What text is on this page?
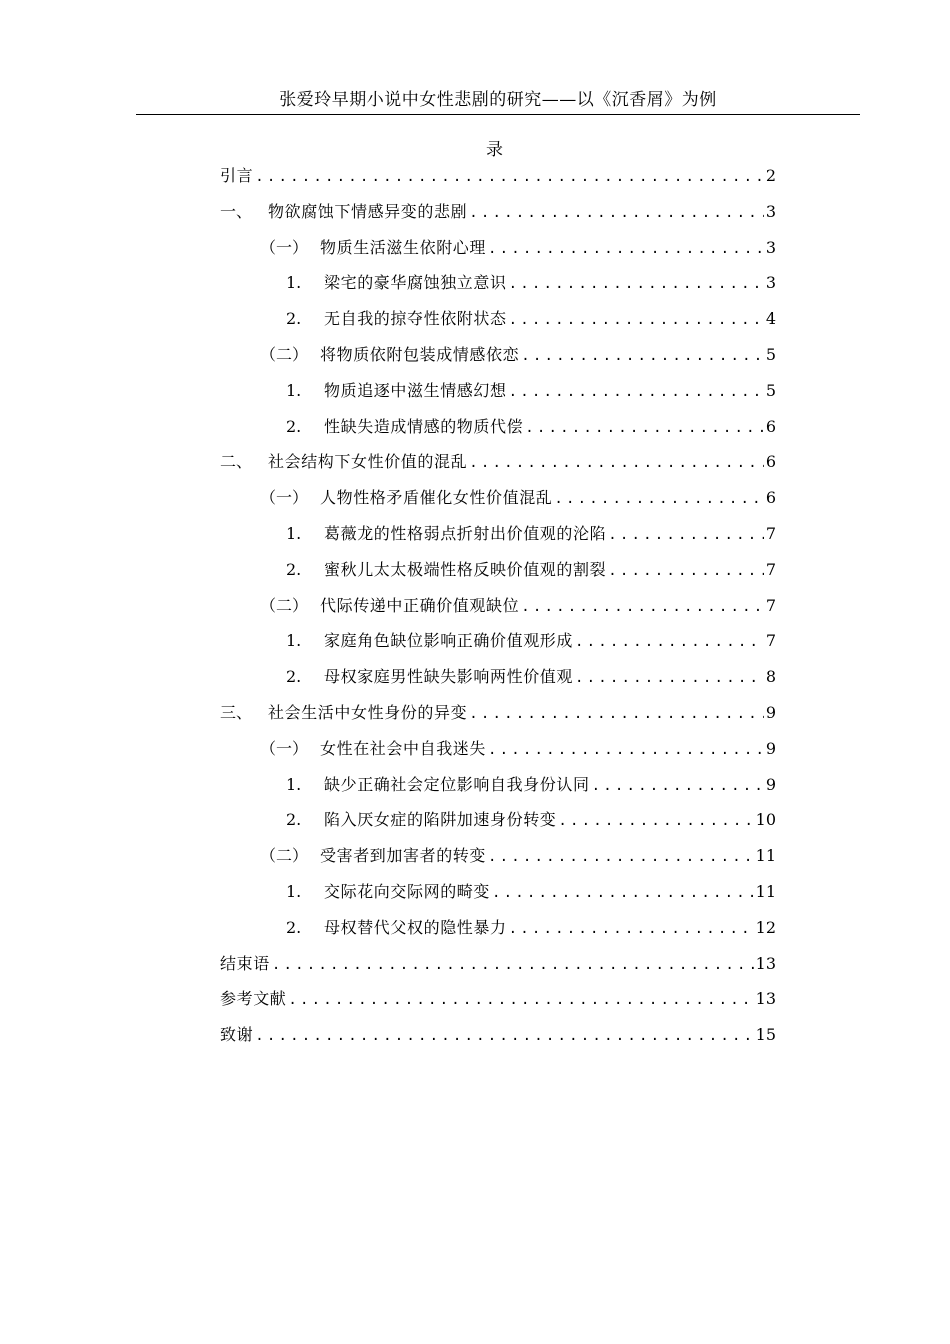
张爱玲早期小说中女性悲剧的研究——以《沉香屑》为例
录
引言 .....	2
一、 物欲腐蚀下情感异变的悲剧 .....	3
（一） 物质生活滋生依附心理 .....	3
1.	梁宅的豪华腐蚀独立意识 .....	3
2.	无自我的掠夺性依附状态 .....	4
（二） 将物质依附包装成情感依恋 .....	5
1.	物质追逐中滋生情感幻想 .....	5
2.	性缺失造成情感的物质代偿 .....	6
二、 社会结构下女性价值的混乱 .....	6
（一） 人物性格矛盾催化女性价值混乱 .....	6
1.	葛薇龙的性格弱点折射出价值观的沦陷 .....	7
2.	蜜秋儿太太极端性格反映价值观的割裂 .....	7
（二） 代际传递中正确价值观缺位 .....	7
1.	家庭角色缺位影响正确价值观形成 .....	7
2.	母权家庭男性缺失影响两性价值观 .....	8
三、 社会生活中女性身份的异变 .....	9
（一） 女性在社会中自我迷失 .....	9
1.	缺少正确社会定位影响自我身份认同 .....	9
2.	陷入厌女症的陷阱加速身份转变 .....	10
（二） 受害者到加害者的转变 .....	11
1.	交际花向交际网的畸变 .....	11
2.	母权替代父权的隐性暴力 .....	12
结束语 .....	13
参考文献 .....	13
致谢 .....	15
